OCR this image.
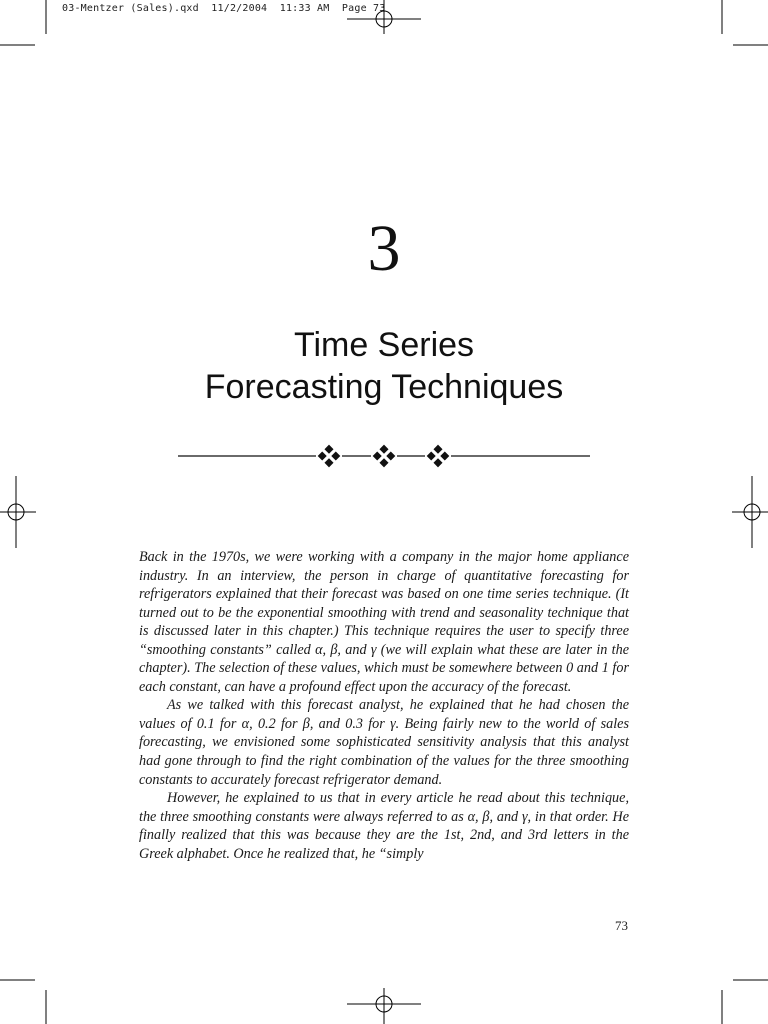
03-Mentzer (Sales).qxd  11/2/2004  11:33 AM  Page 73
3
Time Series
Forecasting Techniques

Back in the 1970s, we were working with a company in the major home appliance industry. In an interview, the person in charge of quantitative forecasting for refrigerators explained that their forecast was based on one time series technique. (It turned out to be the exponential smoothing with trend and seasonality technique that is discussed later in this chapter.) This technique requires the user to specify three “smoothing constants” called α, β, and γ (we will explain what these are later in the chapter). The selection of these values, which must be somewhere between 0 and 1 for each constant, can have a profound effect upon the accuracy of the forecast.

As we talked with this forecast analyst, he explained that he had chosen the values of 0.1 for α, 0.2 for β, and 0.3 for γ. Being fairly new to the world of sales forecasting, we envisioned some sophisticated sensitivity analysis that this analyst had gone through to find the right combination of the values for the three smoothing constants to accurately forecast refrigerator demand.

However, he explained to us that in every article he read about this technique, the three smoothing constants were always referred to as α, β, and γ, in that order. He finally realized that this was because they are the 1st, 2nd, and 3rd letters in the Greek alphabet. Once he realized that, he “simply

73
